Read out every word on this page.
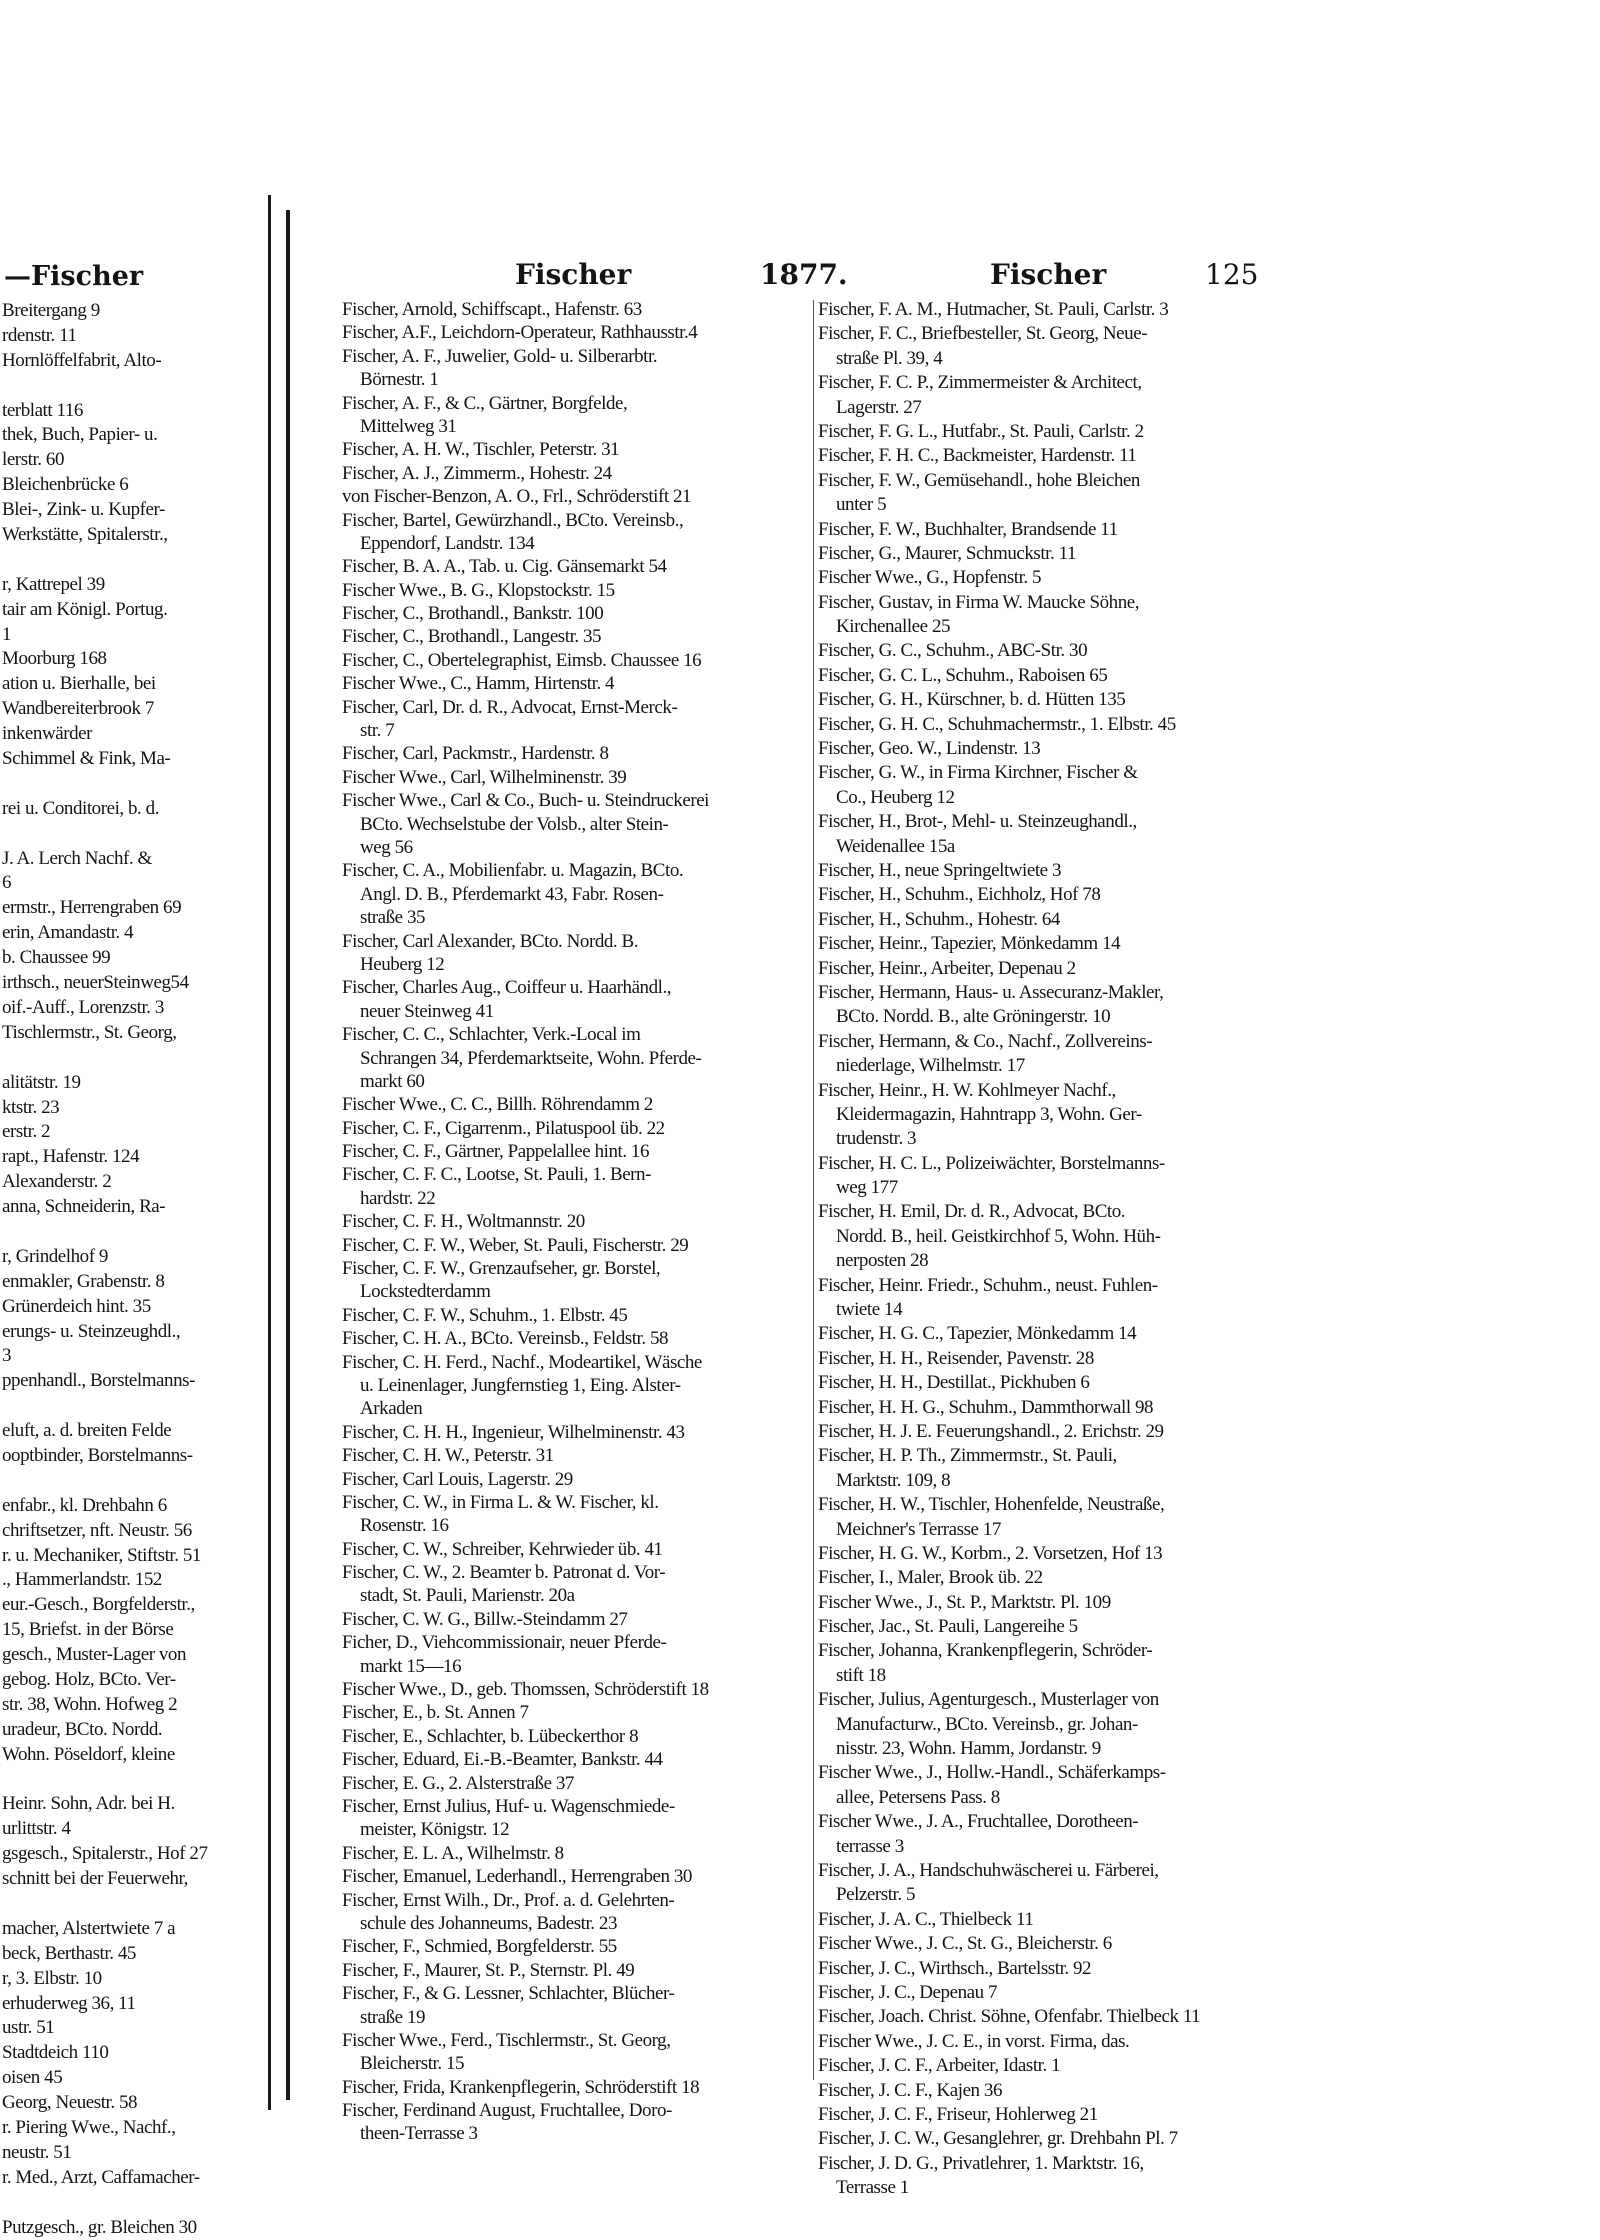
—Fischer
Breitergang 9
rdenstr. 11
Hornlöffelfabrit, Alto-

terblatt 116
thek, Buch, Papier- u.
lerstr. 60
Bleichenbrücke 6
Blei-, Zink- u. Kupfer-
Werkstätte, Spitalerstr.,

r, Kattrepel 39
tair am Königl. Portug.
1
Moorburg 168
ation u. Bierhalle, bei
Wandbereiterbrook 7
inkenwärder
Schimmel & Fink, Ma-

rei u. Conditorei, b. d.

J. A. Lerch Nachf. &
6
ermstr., Herrengraben 69
erin, Amandastr. 4
b. Chaussee 99
irthsch., neuerSteinweg54
oif.-Auff., Lorenzstr. 3
Tischlermstr., St. Georg,

alitätstr. 19
ktstr. 23
erstr. 2
rapt., Hafenstr. 124
Alexanderstr. 2
anna, Schneiderin, Ra-

r, Grindelhof 9
enmakler, Grabenstr. 8
Grünerdeich hint. 35
erungs- u. Steinzeughdl.,
3
ppenhandl., Borstelmanns-

eluft, a. d. breiten Felde
ooptbinder, Borstelmanns-

enfabr., kl. Drehbahn 6
chriftsetzer, nft. Neustr. 56
r. u. Mechaniker, Stiftstr. 51
., Hammerlandstr. 152
eur.-Gesch., Borgfelderstr.,
15, Briefst. in der Börse
gesch., Muster-Lager von
gebog. Holz, BCto. Ver-
str. 38, Wohn. Hofweg 2
uradeur, BCto. Nordd.
Wohn. Pöseldorf, kleine

Heinr. Sohn, Adr. bei H.
urlittstr. 4
gsgesch., Spitalerstr., Hof 27
schnitt bei der Feuerwehr,

macher, Alstertwiete 7 a
beck, Berthastr. 45
r, 3. Elbstr. 10
erhuderweg 36, 11
ustr. 51
Stadtdeich 110
oisen 45
Georg, Neuestr. 58
r. Piering Wwe., Nachf.,
neustr. 51
r. Med., Arzt, Caffamacher-

Putzgesch., gr. Bleichen 30
Fischer	1877.	Fischer	125
Fischer, Arnold, Schiffscapt., Hafenstr. 63
Fischer, A.F., Leichdorn-Operateur, Rathhausstr.4
Fischer, A. F., Juwelier, Gold- u. Silberarbtr.
Börnestr. 1
Fischer, A. F., & C., Gärtner, Borgfelde,
Mittelweg 31
Fischer, A. H. W., Tischler, Peterstr. 31
Fischer, A. J., Zimmerm., Hohestr. 24
von Fischer-Benzon, A. O., Frl., Schröderstift 21
Fischer, Bartel, Gewürzhandl., BCto. Vereinsb.,
Eppendorf, Landstr. 134
Fischer, B. A. A., Tab. u. Cig. Gänsemarkt 54
Fischer Wwe., B. G., Klopstockstr. 15
Fischer, C., Brothandl., Bankstr. 100
Fischer, C., Brothandl., Langestr. 35
Fischer, C., Obertelegraphist, Eimsb. Chaussee 16
Fischer Wwe., C., Hamm, Hirtenstr. 4
Fischer, Carl, Dr. d. R., Advocat, Ernst-Merck-
str. 7
Fischer, Carl, Packmstr., Hardenstr. 8
Fischer Wwe., Carl, Wilhelminenstr. 39
Fischer Wwe., Carl & Co., Buch- u. Steindruckerei
BCto. Wechselstube der Volsb., alter Stein-
weg 56
Fischer, C. A., Mobilienfabr. u. Magazin, BCto.
Angl. D. B., Pferdemarkt 43, Fabr. Rosen-
straße 35
Fischer, Carl Alexander, BCto. Nordd. B.
Heuberg 12
Fischer, Charles Aug., Coiffeur u. Haarhändl.,
neuer Steinweg 41
Fischer, C. C., Schlachter, Verk.-Local im
Schrangen 34, Pferdemarktseite, Wohn. Pferde-
markt 60
Fischer Wwe., C. C., Billh. Röhrendamm 2
Fischer, C. F., Cigarrenm., Pilatuspool üb. 22
Fischer, C. F., Gärtner, Pappelallee hint. 16
Fischer, C. F. C., Lootse, St. Pauli, 1. Bern-
hardstr. 22
Fischer, C. F. H., Woltmannstr. 20
Fischer, C. F. W., Weber, St. Pauli, Fischerstr. 29
Fischer, C. F. W., Grenzaufseher, gr. Borstel,
Lockstedterdamm
Fischer, C. F. W., Schuhm., 1. Elbstr. 45
Fischer, C. H. A., BCto. Vereinsb., Feldstr. 58
Fischer, C. H. Ferd., Nachf., Modeartikel, Wäsche
u. Leinenlager, Jungfernstieg 1, Eing. Alster-
Arkaden
Fischer, C. H. H., Ingenieur, Wilhelminenstr. 43
Fischer, C. H. W., Peterstr. 31
Fischer, Carl Louis, Lagerstr. 29
Fischer, C. W., in Firma L. & W. Fischer, kl.
Rosenstr. 16
Fischer, C. W., Schreiber, Kehrwieder üb. 41
Fischer, C. W., 2. Beamter b. Patronat d. Vor-
stadt, St. Pauli, Marienstr. 20a
Fischer, C. W. G., Billw.-Steindamm 27
Ficher, D., Viehcommissionair, neuer Pferde-
markt 15—16
Fischer Wwe., D., geb. Thomssen, Schröderstift 18
Fischer, E., b. St. Annen 7
Fischer, E., Schlachter, b. Lübeckerthor 8
Fischer, Eduard, Ei.-B.-Beamter, Bankstr. 44
Fischer, E. G., 2. Alsterstraße 37
Fischer, Ernst Julius, Huf- u. Wagenschmiede-
meister, Königstr. 12
Fischer, E. L. A., Wilhelmstr. 8
Fischer, Emanuel, Lederhandl., Herrengraben 30
Fischer, Ernst Wilh., Dr., Prof. a. d. Gelehrten-
schule des Johanneums, Badestr. 23
Fischer, F., Schmied, Borgfelderstr. 55
Fischer, F., Maurer, St. P., Sternstr. Pl. 49
Fischer, F., & G. Lessner, Schlachter, Blücher-
straße 19
Fischer Wwe., Ferd., Tischlermstr., St. Georg,
Bleicherstr. 15
Fischer, Frida, Krankenpflegerin, Schröderstift 18
Fischer, Ferdinand August, Fruchtallee, Doro-
theen-Terrasse 3
Fischer, F. A. M., Hutmacher, St. Pauli, Carlstr. 3
Fischer, F. C., Briefbesteller, St. Georg, Neue-
straße Pl. 39, 4
Fischer, F. C. P., Zimmermeister & Architect,
Lagerstr. 27
Fischer, F. G. L., Hutfabr., St. Pauli, Carlstr. 2
Fischer, F. H. C., Backmeister, Hardenstr. 11
Fischer, F. W., Gemüsehandl., hohe Bleichen
unter 5
Fischer, F. W., Buchhalter, Brandsende 11
Fischer, G., Maurer, Schmuckstr. 11
Fischer Wwe., G., Hopfenstr. 5
Fischer, Gustav, in Firma W. Maucke Söhne,
Kirchenallee 25
Fischer, G. C., Schuhm., ABC-Str. 30
Fischer, G. C. L., Schuhm., Raboisen 65
Fischer, G. H., Kürschner, b. d. Hütten 135
Fischer, G. H. C., Schuhmachermstr., 1. Elbstr. 45
Fischer, Geo. W., Lindenstr. 13
Fischer, G. W., in Firma Kirchner, Fischer &
Co., Heuberg 12
Fischer, H., Brot-, Mehl- u. Steinzeughandl.,
Weidenallee 15a
Fischer, H., neue Springeltwiete 3
Fischer, H., Schuhm., Eichholz, Hof 78
Fischer, H., Schuhm., Hohestr. 64
Fischer, Heinr., Tapezier, Mönkedamm 14
Fischer, Heinr., Arbeiter, Depenau 2
Fischer, Hermann, Haus- u. Assecuranz-Makler,
BCto. Nordd. B., alte Gröningerstr. 10
Fischer, Hermann, & Co., Nachf., Zollvereins-
niederlage, Wilhelmstr. 17
Fischer, Heinr., H. W. Kohlmeyer Nachf.,
Kleidermagazin, Hahntrapp 3, Wohn. Ger-
trudenstr. 3
Fischer, H. C. L., Polizeiwächter, Borstelmanns-
weg 177
Fischer, H. Emil, Dr. d. R., Advocat, BCto.
Nordd. B., heil. Geistkirchhof 5, Wohn. Hüh-
nerposten 28
Fischer, Heinr. Friedr., Schuhm., neust. Fuhlen-
twiete 14
Fischer, H. G. C., Tapezier, Mönkedamm 14
Fischer, H. H., Reisender, Pavenstr. 28
Fischer, H. H., Destillat., Pickhuben 6
Fischer, H. H. G., Schuhm., Dammthorwall 98
Fischer, H. J. E. Feuerungshandl., 2. Erichstr. 29
Fischer, H. P. Th., Zimmermstr., St. Pauli,
Marktstr. 109, 8
Fischer, H. W., Tischler, Hohenfelde, Neustraße,
Meichner's Terrasse 17
Fischer, H. G. W., Korbm., 2. Vorsetzen, Hof 13
Fischer, I., Maler, Brook üb. 22
Fischer Wwe., J., St. P., Marktstr. Pl. 109
Fischer, Jac., St. Pauli, Langereihe 5
Fischer, Johanna, Krankenpflegerin, Schröder-
stift 18
Fischer, Julius, Agenturgesch., Musterlager von
Manufacturw., BCto. Vereinsb., gr. Johan-
nisstr. 23, Wohn. Hamm, Jordanstr. 9
Fischer Wwe., J., Hollw.-Handl., Schäferkamps-
allee, Petersens Pass. 8
Fischer Wwe., J. A., Fruchtallee, Dorotheen-
terrasse 3
Fischer, J. A., Handschuhwäscherei u. Färberei,
Pelzerstr. 5
Fischer, J. A. C., Thielbeck 11
Fischer Wwe., J. C., St. G., Bleicherstr. 6
Fischer, J. C., Wirthsch., Bartelsstr. 92
Fischer, J. C., Depenau 7
Fischer, Joach. Christ. Söhne, Ofenfabr. Thielbeck 11
Fischer Wwe., J. C. E., in vorst. Firma, das.
Fischer, J. C. F., Arbeiter, Idastr. 1
Fischer, J. C. F., Kajen 36
Fischer, J. C. F., Friseur, Hohlerweg 21
Fischer, J. C. W., Gesanglehrer, gr. Drehbahn Pl. 7
Fischer, J. D. G., Privatlehrer, 1. Marktstr. 16,
Terrasse 1
